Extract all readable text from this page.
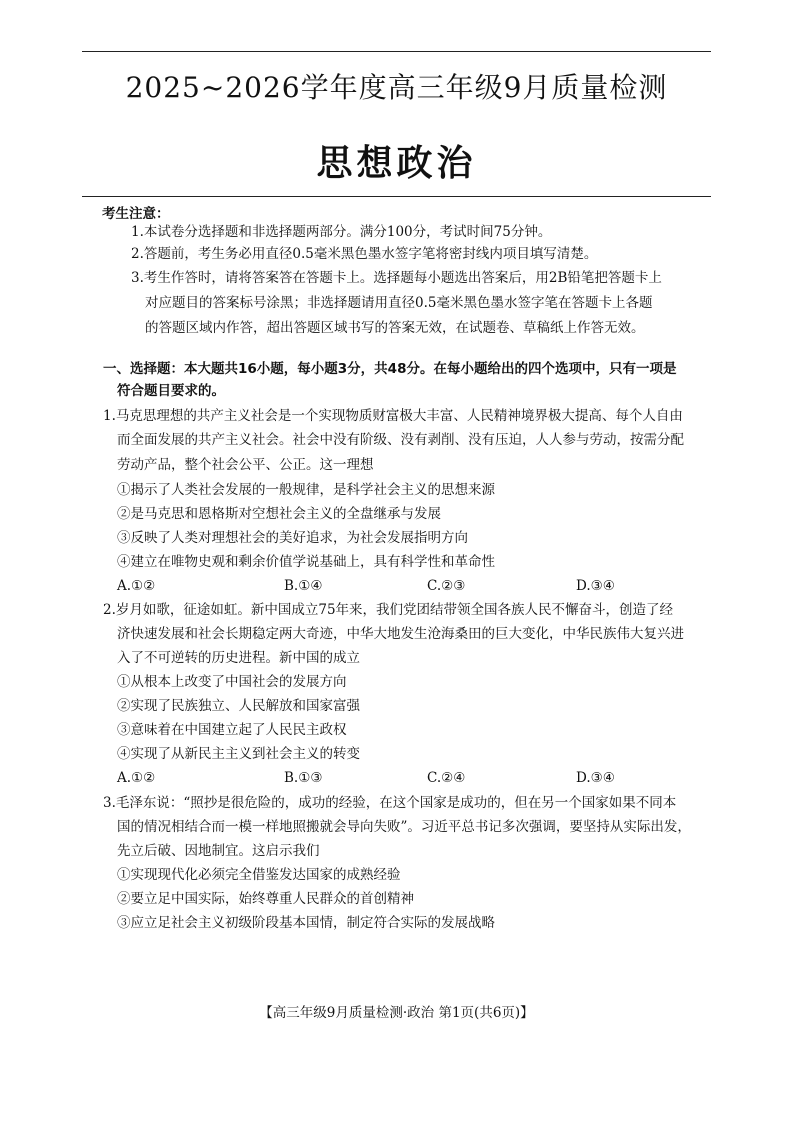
2025~2026学年度高三年级9月质量检测
思想政治
考生注意：
1.本试卷分选择题和非选择题两部分。满分100分，考试时间75分钟。
2.答题前，考生务必用直径0.5毫米黑色墨水签字笔将密封线内项目填写清楚。
3.考生作答时，请将答案答在答题卡上。选择题每小题选出答案后，用2B铅笔把答题卡上
对应题目的答案标号涂黑；非选择题请用直径0.5毫米黑色墨水签字笔在答题卡上各题
的答题区域内作答，超出答题区域书写的答案无效，在试题卷、草稿纸上作答无效。
一、选择题：本大题共16小题，每小题3分，共48分。在每小题给出的四个选项中，只有一项是
符合题目要求的。
1.马克思理想的共产主义社会是一个实现物质财富极大丰富、人民精神境界极大提高、每个人自由
而全面发展的共产主义社会。社会中没有阶级、没有剥削、没有压迫，人人参与劳动，按需分配
劳动产品，整个社会公平、公正。这一理想
①揭示了人类社会发展的一般规律，是科学社会主义的思想来源
②是马克思和恩格斯对空想社会主义的全盘继承与发展
③反映了人类对理想社会的美好追求，为社会发展指明方向
④建立在唯物史观和剩余价值学说基础上，具有科学性和革命性
A.①②	B.①④	C.②③	D.③④
2.岁月如歌，征途如虹。新中国成立75年来，我们党团结带领全国各族人民不懈奋斗，创造了经
济快速发展和社会长期稳定两大奇迹，中华大地发生沧海桑田的巨大变化，中华民族伟大复兴进
入了不可逆转的历史进程。新中国的成立
①从根本上改变了中国社会的发展方向
②实现了民族独立、人民解放和国家富强
③意味着在中国建立起了人民民主政权
④实现了从新民主主义到社会主义的转变
A.①②	B.①③	C.②④	D.③④
3.毛泽东说：“照抄是很危险的，成功的经验，在这个国家是成功的，但在另一个国家如果不同本
国的情况相结合而一模一样地照搬就会导向失败”。习近平总书记多次强调，要坚持从实际出发，
先立后破、因地制宜。这启示我们
①实现现代化必须完全借鉴发达国家的成熟经验
②要立足中国实际，始终尊重人民群众的首创精神
③应立足社会主义初级阶段基本国情，制定符合实际的发展战略
【高三年级9月质量检测·政治 第1页(共6页)】
